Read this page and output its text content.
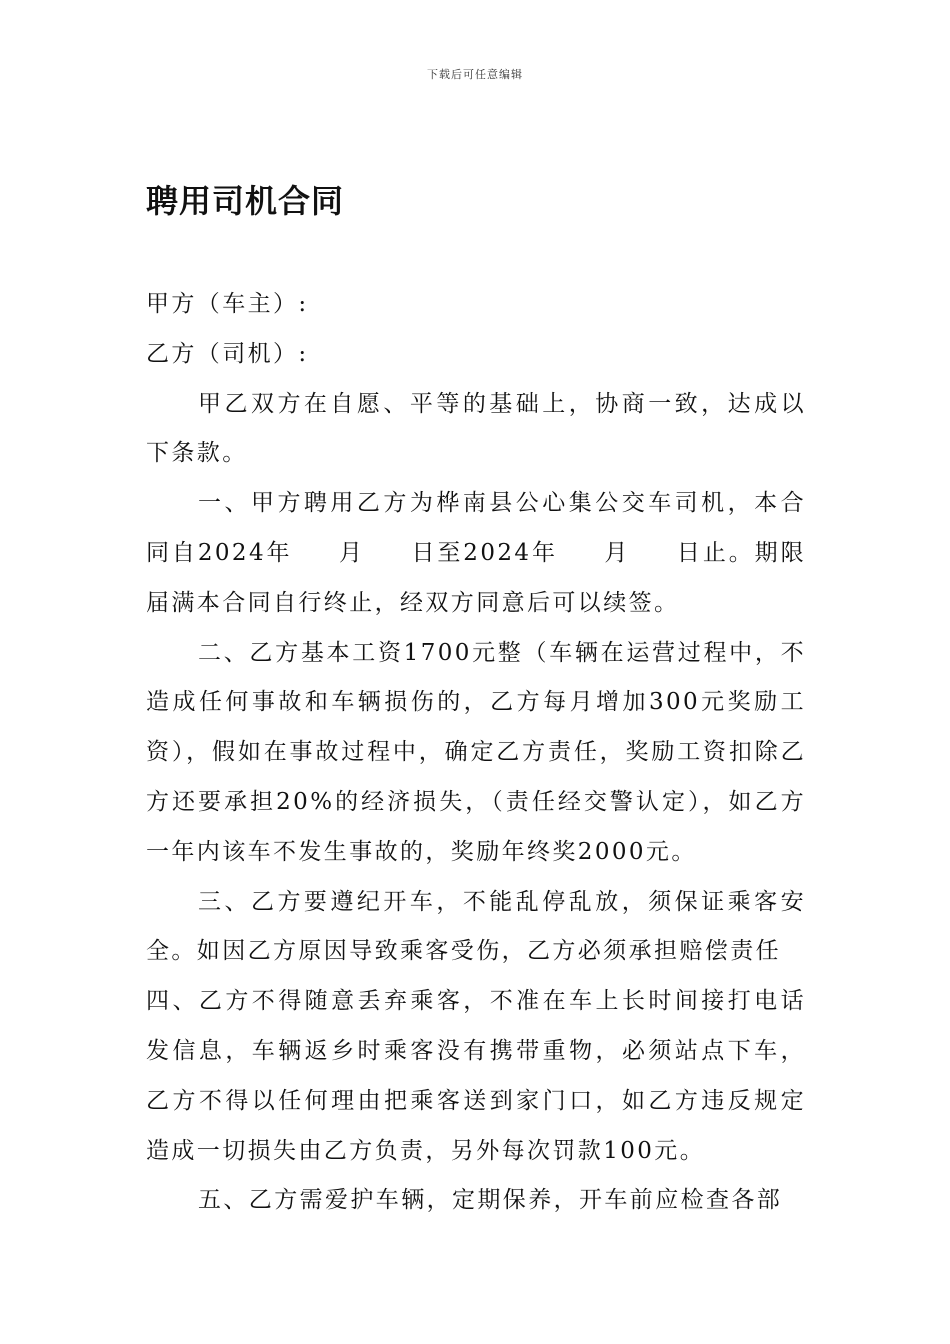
下载后可任意编辑
聘用司机合同

甲方（车主）:

乙方（司机）:

甲乙双方在自愿、平等的基础上，协商一致，达成以下条款。

一、甲方聘用乙方为桦南县公心集公交车司机，本合同自2024年 月 日至2024年 月 日止。期限届满本合同自行终止，经双方同意后可以续签。

二、乙方基本工资1700元整（车辆在运营过程中，不造成任何事故和车辆损伤的，乙方每月增加300元奖励工资），假如在事故过程中，确定乙方责任，奖励工资扣除乙方还要承担20%的经济损失，（责任经交警认定），如乙方一年内该车不发生事故的，奖励年终奖2000元。

三、乙方要遵纪开车，不能乱停乱放，须保证乘客安全。如因乙方原因导致乘客受伤，乙方必须承担赔偿责任

四、乙方不得随意丢弃乘客，不准在车上长时间接打电话发信息，车辆返乡时乘客没有携带重物，必须站点下车，乙方不得以任何理由把乘客送到家门口，如乙方违反规定造成一切损失由乙方负责，另外每次罚款100元。

五、乙方需爱护车辆，定期保养，开车前应检查各部
